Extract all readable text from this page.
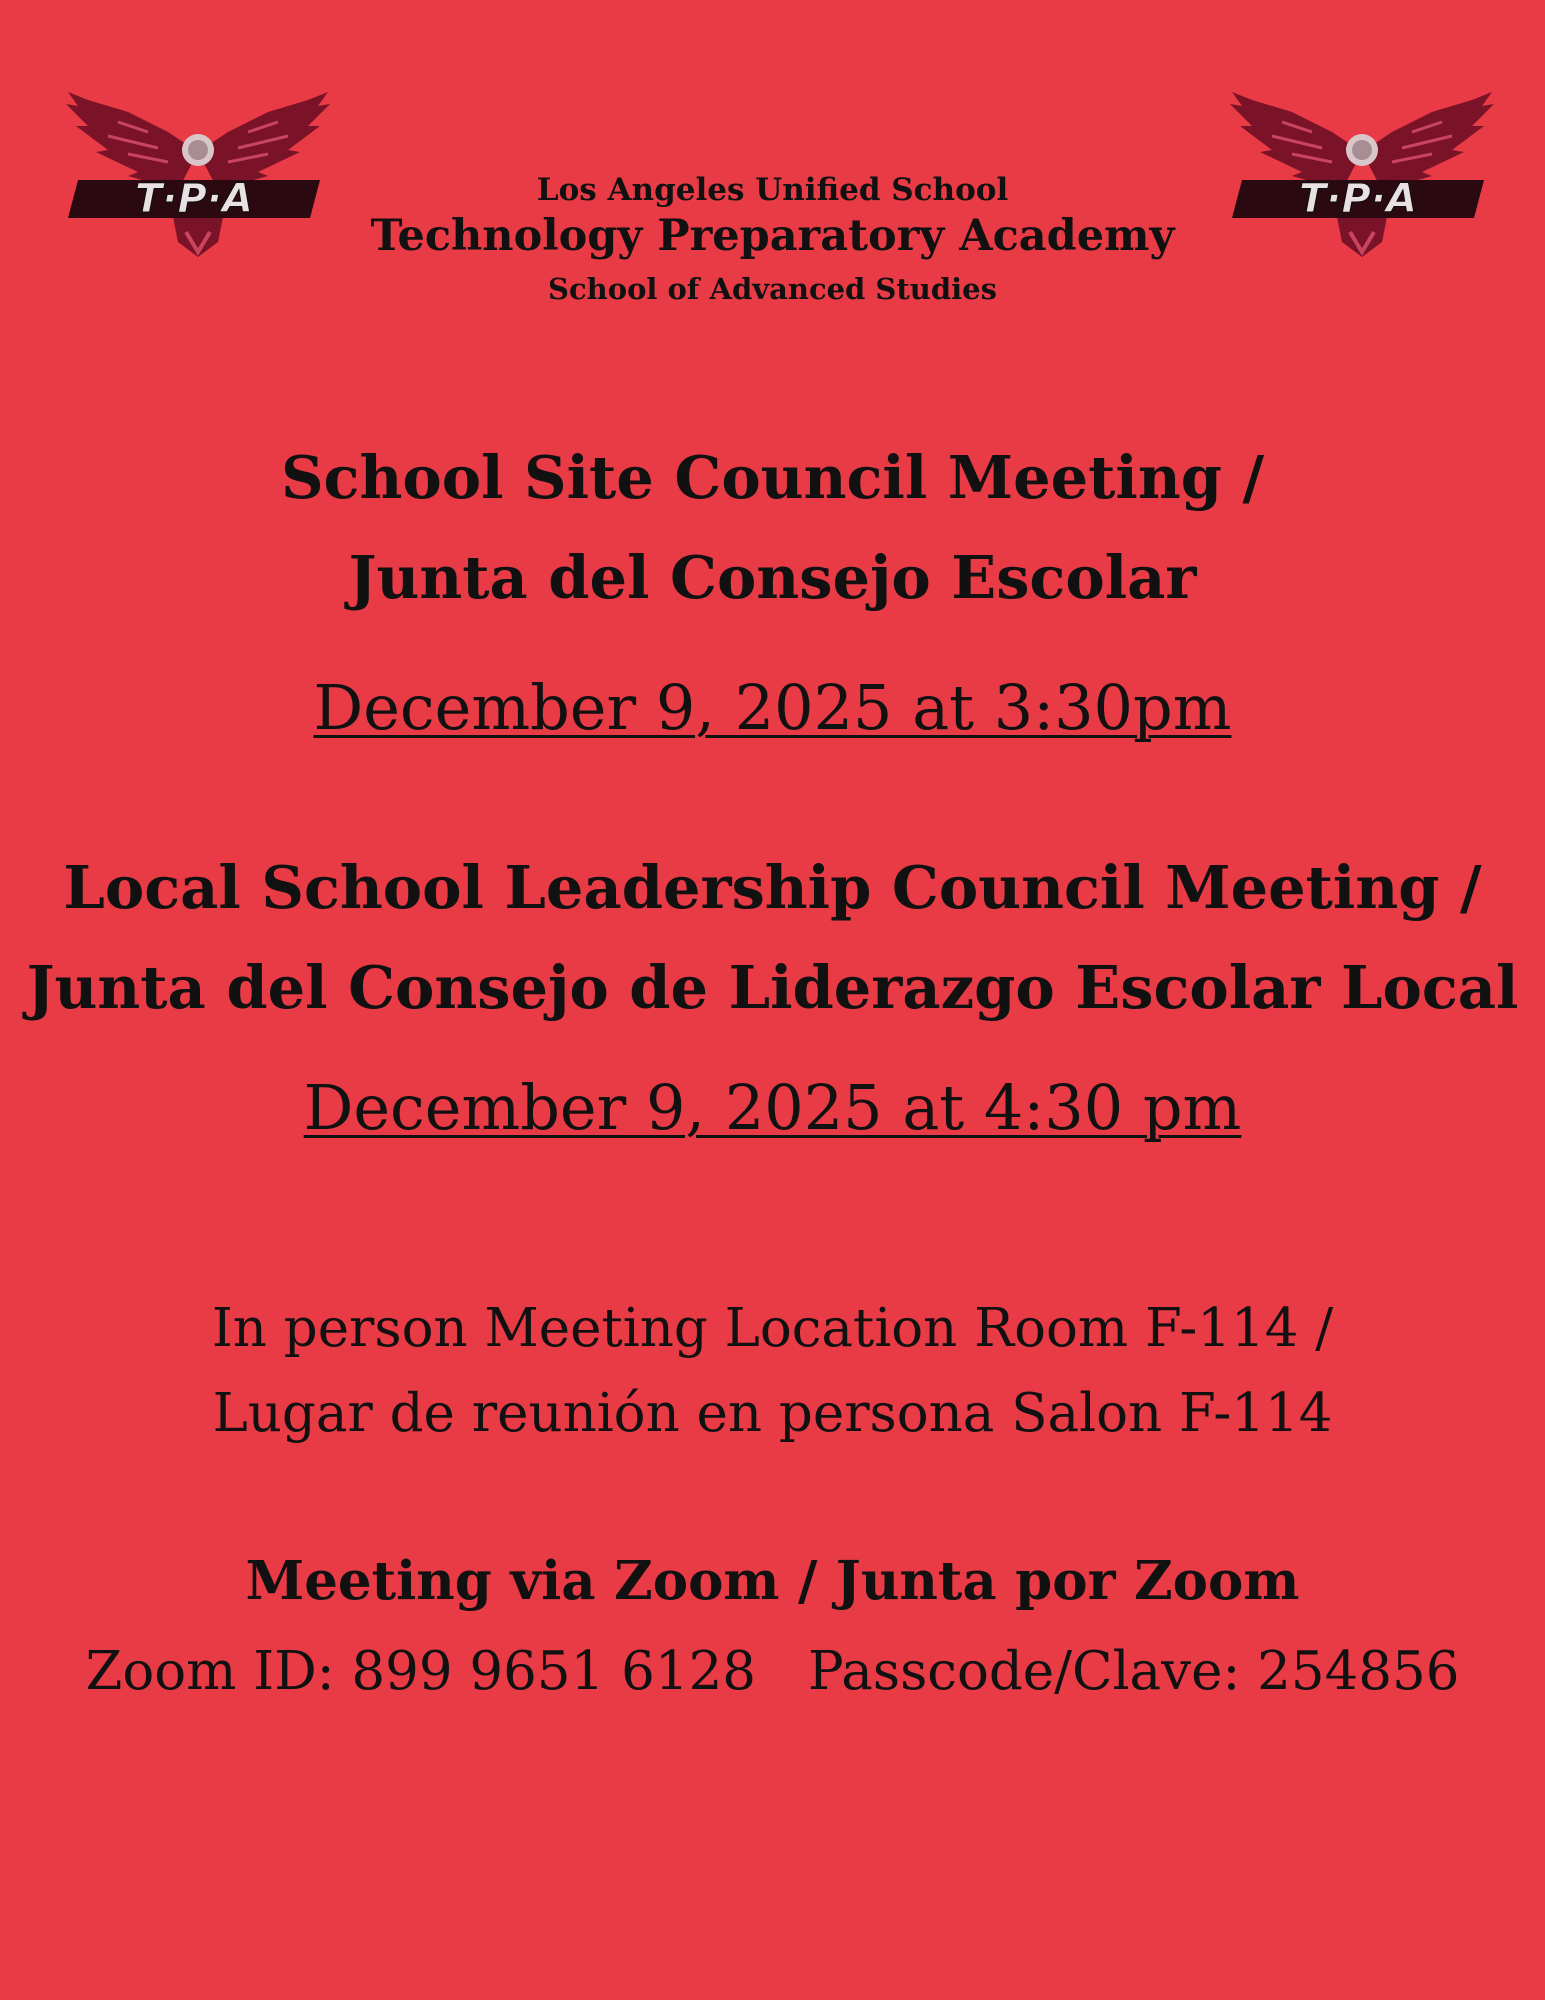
T·P·A	T·P·A
Los Angeles Unified School
Technology Preparatory Academy
School of Advanced Studies
School Site Council Meeting /
Junta del Consejo Escolar
December 9, 2025 at 3:30pm
Local School Leadership Council Meeting /
Junta del Consejo de Liderazgo Escolar Local
December 9, 2025 at 4:30 pm
In person Meeting Location Room F-114 /
Lugar de reunión en persona Salon F-114
Meeting via Zoom / Junta por Zoom
Zoom ID: 899 9651 6128 Passcode/Clave: 254856
